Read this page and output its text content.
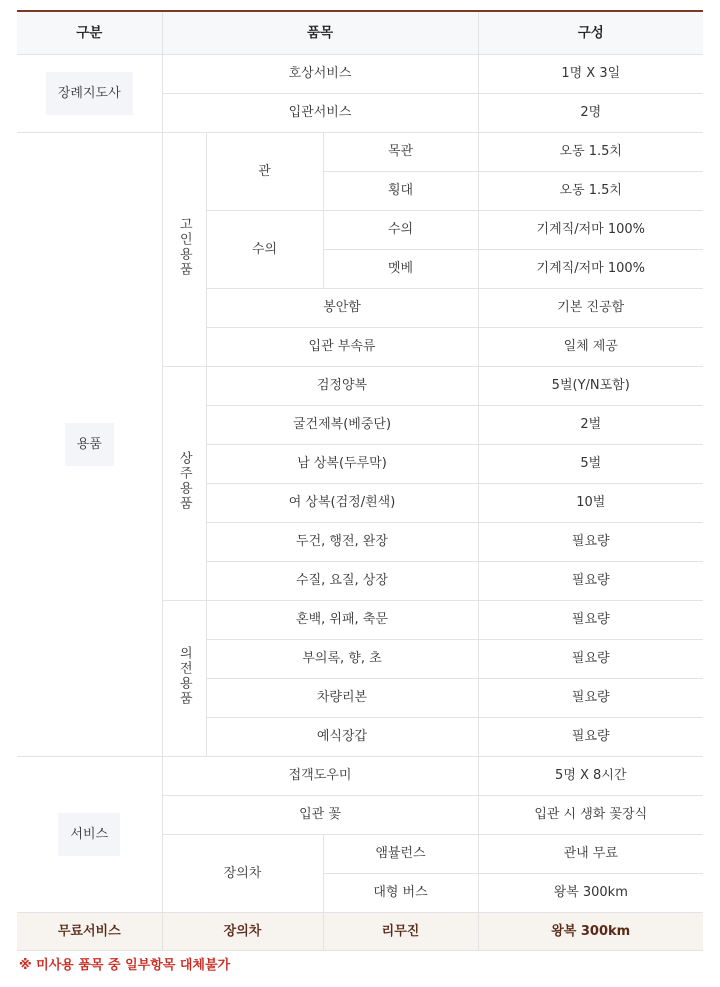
구분	품목			구성
장례지도사	호상서비스			1명 X 3일
	입관서비스			2명
용품	고인용품	관	목관	오동 1.5치
			횡대	오동 1.5치
		수의	수의	기계직/저마 100%
			멧베	기계직/저마 100%
		봉안함		기본 진공함
		입관 부속류		일체 제공
	상주용품	검정양복		5벌(Y/N포함)
		굴건제복(베중단)		2벌
		남 상복(두루막)		5벌
		여 상복(검정/흰색)		10벌
		두건, 행전, 완장		필요량
		수질, 요질, 상장		필요량
	의전용품	혼백, 위패, 축문		필요량
		부의록, 향, 초		필요량
		차량리본		필요량
		예식장갑		필요량
서비스	접객도우미			5명 X 8시간
	입관 꽃			입관 시 생화 꽃장식
	장의차		앰뷸런스	관내 무료
			대형 버스	왕복 300km
무료서비스	장의차		리무진	왕복 300km
※ 미사용 품목 중 일부항목 대체불가
